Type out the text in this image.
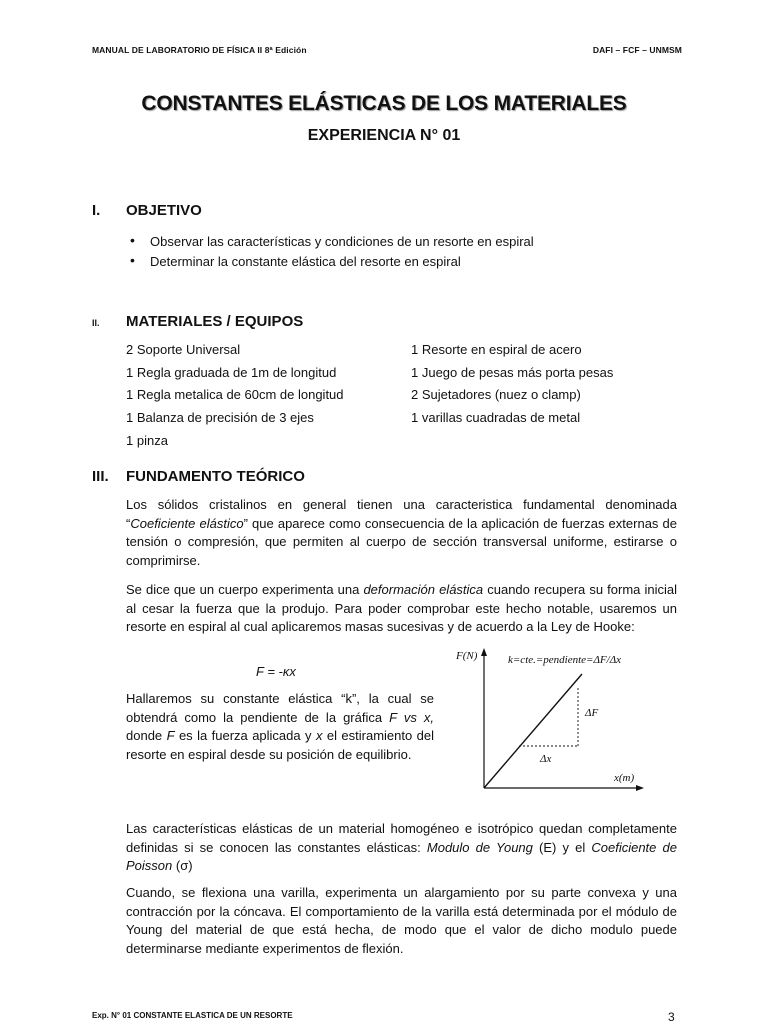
MANUAL DE LABORATORIO DE FÍSICA II 8ª Edición	DAFI – FCF – UNMSM
CONSTANTES ELÁSTICAS DE LOS MATERIALES
EXPERIENCIA N° 01
I. OBJETIVO
• Observar las características y condiciones de un resorte en espiral
• Determinar la constante elástica del resorte en espiral
II. MATERIALES / EQUIPOS
2 Soporte Universal
1 Regla graduada de 1m de longitud
1 Regla metalica de 60cm de longitud
1 Balanza de precisión de 3 ejes
1 pinza
1 Resorte en espiral de acero
1 Juego de pesas más porta pesas
2 Sujetadores (nuez o clamp)
1 varillas cuadradas de metal
III. FUNDAMENTO TEÓRICO
Los sólidos cristalinos en general tienen una caracteristica fundamental denominada “Coeficiente elástico” que aparece como consecuencia de la aplicación de fuerzas externas de tensión o compresión, que permiten al cuerpo de sección transversal uniforme, estirarse o comprimirse.
Se dice que un cuerpo experimenta una deformación elástica cuando recupera su forma inicial al cesar la fuerza que la produjo. Para poder comprobar este hecho notable, usaremos un resorte en espiral al cual aplicaremos masas sucesivas y de acuerdo a la Ley de Hooke:
F = -κx
Hallaremos su constante elástica “k”, la cual se obtendrá como la pendiente de la gráfica F vs x, donde F es la fuerza aplicada y x el estiramiento del resorte en espiral desde su posición de equilibrio.
F(N)	k=cte.=pendiente=ΔF/Δx
ΔF
Δx
x(m)
Las características elásticas de un material homogéneo e isotrópico quedan completamente definidas si se conocen las constantes elásticas: Modulo de Young (E) y el Coeficiente de Poisson (σ)
Cuando, se flexiona una varilla, experimenta un alargamiento por su parte convexa y una contracción por la cóncava. El comportamiento de la varilla está determinada por el módulo de Young del material de que está hecha, de modo que el valor de dicho modulo puede determinarse mediante experimentos de flexión.
Exp. N° 01 CONSTANTE ELASTICA DE UN RESORTE	3
